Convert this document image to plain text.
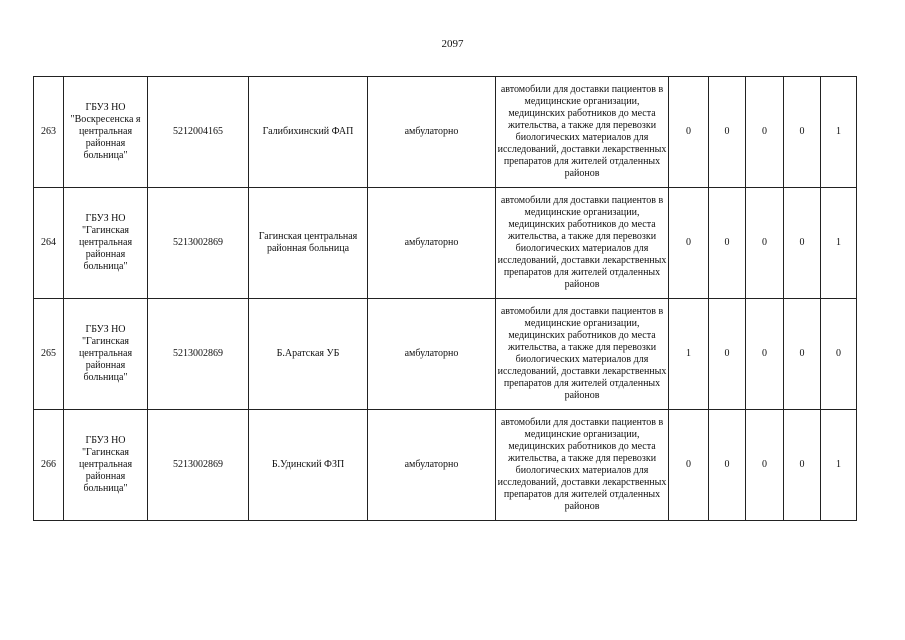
2097
263	ГБУЗ НО "Воскресенска я центральная районная больница"	5212004165	Галибихинский ФАП	амбулаторно	автомобили для доставки пациентов в медицинские организации, медицинских работников до места жительства, а также для перевозки биологических материалов для исследований, доставки лекарственных препаратов для жителей отдаленных районов	0	0	0	0	1
264	ГБУЗ НО "Гагинская центральная районная больница"	5213002869	Гагинская центральная районная больница	амбулаторно	автомобили для доставки пациентов в медицинские организации, медицинских работников до места жительства, а также для перевозки биологических материалов для исследований, доставки лекарственных препаратов для жителей отдаленных районов	0	0	0	0	1
265	ГБУЗ НО "Гагинская центральная районная больница"	5213002869	Б.Аратская УБ	амбулаторно	автомобили для доставки пациентов в медицинские организации, медицинских работников до места жительства, а также для перевозки биологических материалов для исследований, доставки лекарственных препаратов для жителей отдаленных районов	1	0	0	0	0
266	ГБУЗ НО "Гагинская центральная районная больница"	5213002869	Б.Удинский ФЗП	амбулаторно	автомобили для доставки пациентов в медицинские организации, медицинских работников до места жительства, а также для перевозки биологических материалов для исследований, доставки лекарственных препаратов для жителей отдаленных районов	0	0	0	0	1
